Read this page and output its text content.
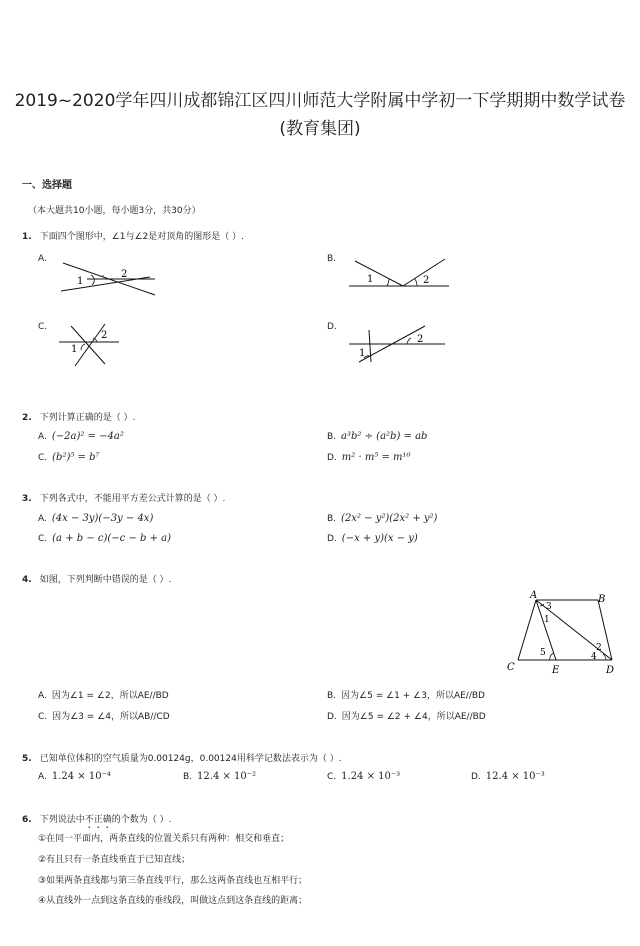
2019~2020学年四川成都锦江区四川师范大学附属中学初一下学期期中数学试卷
(教育集团)
一、选择题
（本大题共10小题，每小题3分，共30分）
1. 下面四个图形中，∠1与∠2是对顶角的图形是（ ）.
A.	B.
C.	D.
1
2	1	2
2
1
2
1
2. 下列计算正确的是（ ）.
A. (−2a)² = −4a²	B. a³b² ÷ (a²b) = ab
C. (b²)⁵ = b⁷	D. m² · m⁵ = m¹⁰
3. 下列各式中，不能用平方差公式计算的是（ ）.
A. (4x − 3y)(−3y − 4x)	B. (2x² − y²)(2x² + y²)
C. (a + b − c)(−c − b + a)	D. (−x + y)(x − y)
4. 如图，下列判断中错误的是（ ）.
A	B
C	D
E
1
2
3
4
5
A. 因为∠1 = ∠2，所以AE//BD	B. 因为∠5 = ∠1 + ∠3，所以AE//BD
C. 因为∠3 = ∠4，所以AB//CD	D. 因为∠5 = ∠2 + ∠4，所以AE//BD
5. 已知单位体积的空气质量为0.00124g，0.00124用科学记数法表示为（ ）.
A. 1.24 × 10⁻⁴	B. 12.4 × 10⁻²	C. 1.24 × 10⁻³	D. 12.4 × 10⁻³
6. 下列说法中不正确的个数为（ ）.
①在同一平面内，两条直线的位置关系只有两种：相交和垂直；
②有且只有一条直线垂直于已知直线；
③如果两条直线都与第三条直线平行，那么这两条直线也互相平行；
④从直线外一点到这条直线的垂线段，叫做这点到这条直线的距离；
